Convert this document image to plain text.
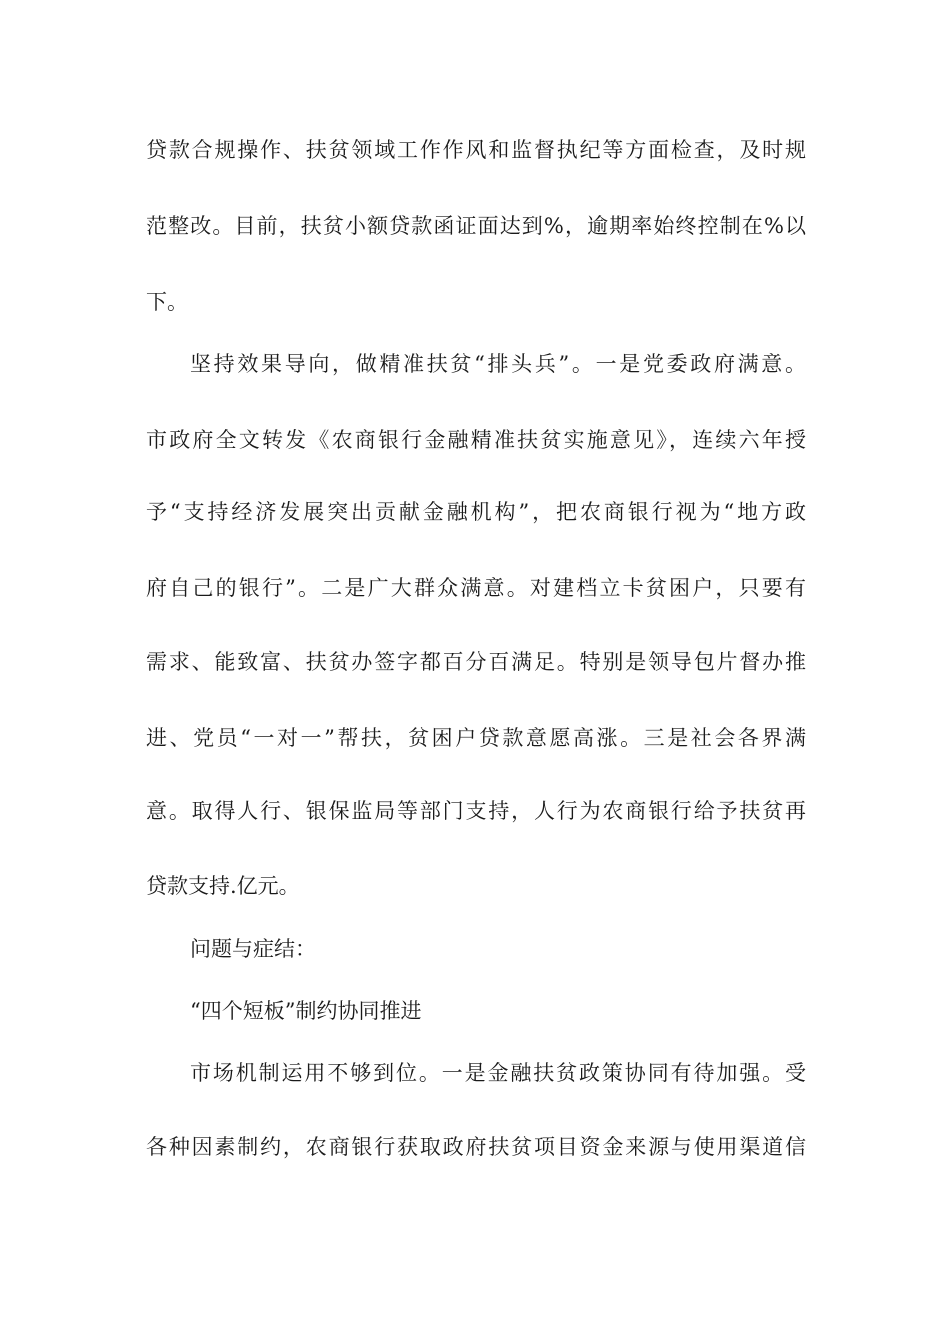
贷款合规操作、扶贫领域工作作风和监督执纪等方面检查，及时规
范整改。目前，扶贫小额贷款函证面达到%，逾期率始终控制在%以
下。
坚持效果导向，做精准扶贫“排头兵”。一是党委政府满意。
市政府全文转发《农商银行金融精准扶贫实施意见》，连续六年授
予“支持经济发展突出贡献金融机构”，把农商银行视为“地方政
府自己的银行”。二是广大群众满意。对建档立卡贫困户，只要有
需求、能致富、扶贫办签字都百分百满足。特别是领导包片督办推
进、党员“一对一”帮扶，贫困户贷款意愿高涨。三是社会各界满
意。取得人行、银保监局等部门支持，人行为农商银行给予扶贫再
贷款支持.亿元。
问题与症结：
“四个短板”制约协同推进
市场机制运用不够到位。一是金融扶贫政策协同有待加强。受
各种因素制约，农商银行获取政府扶贫项目资金来源与使用渠道信
